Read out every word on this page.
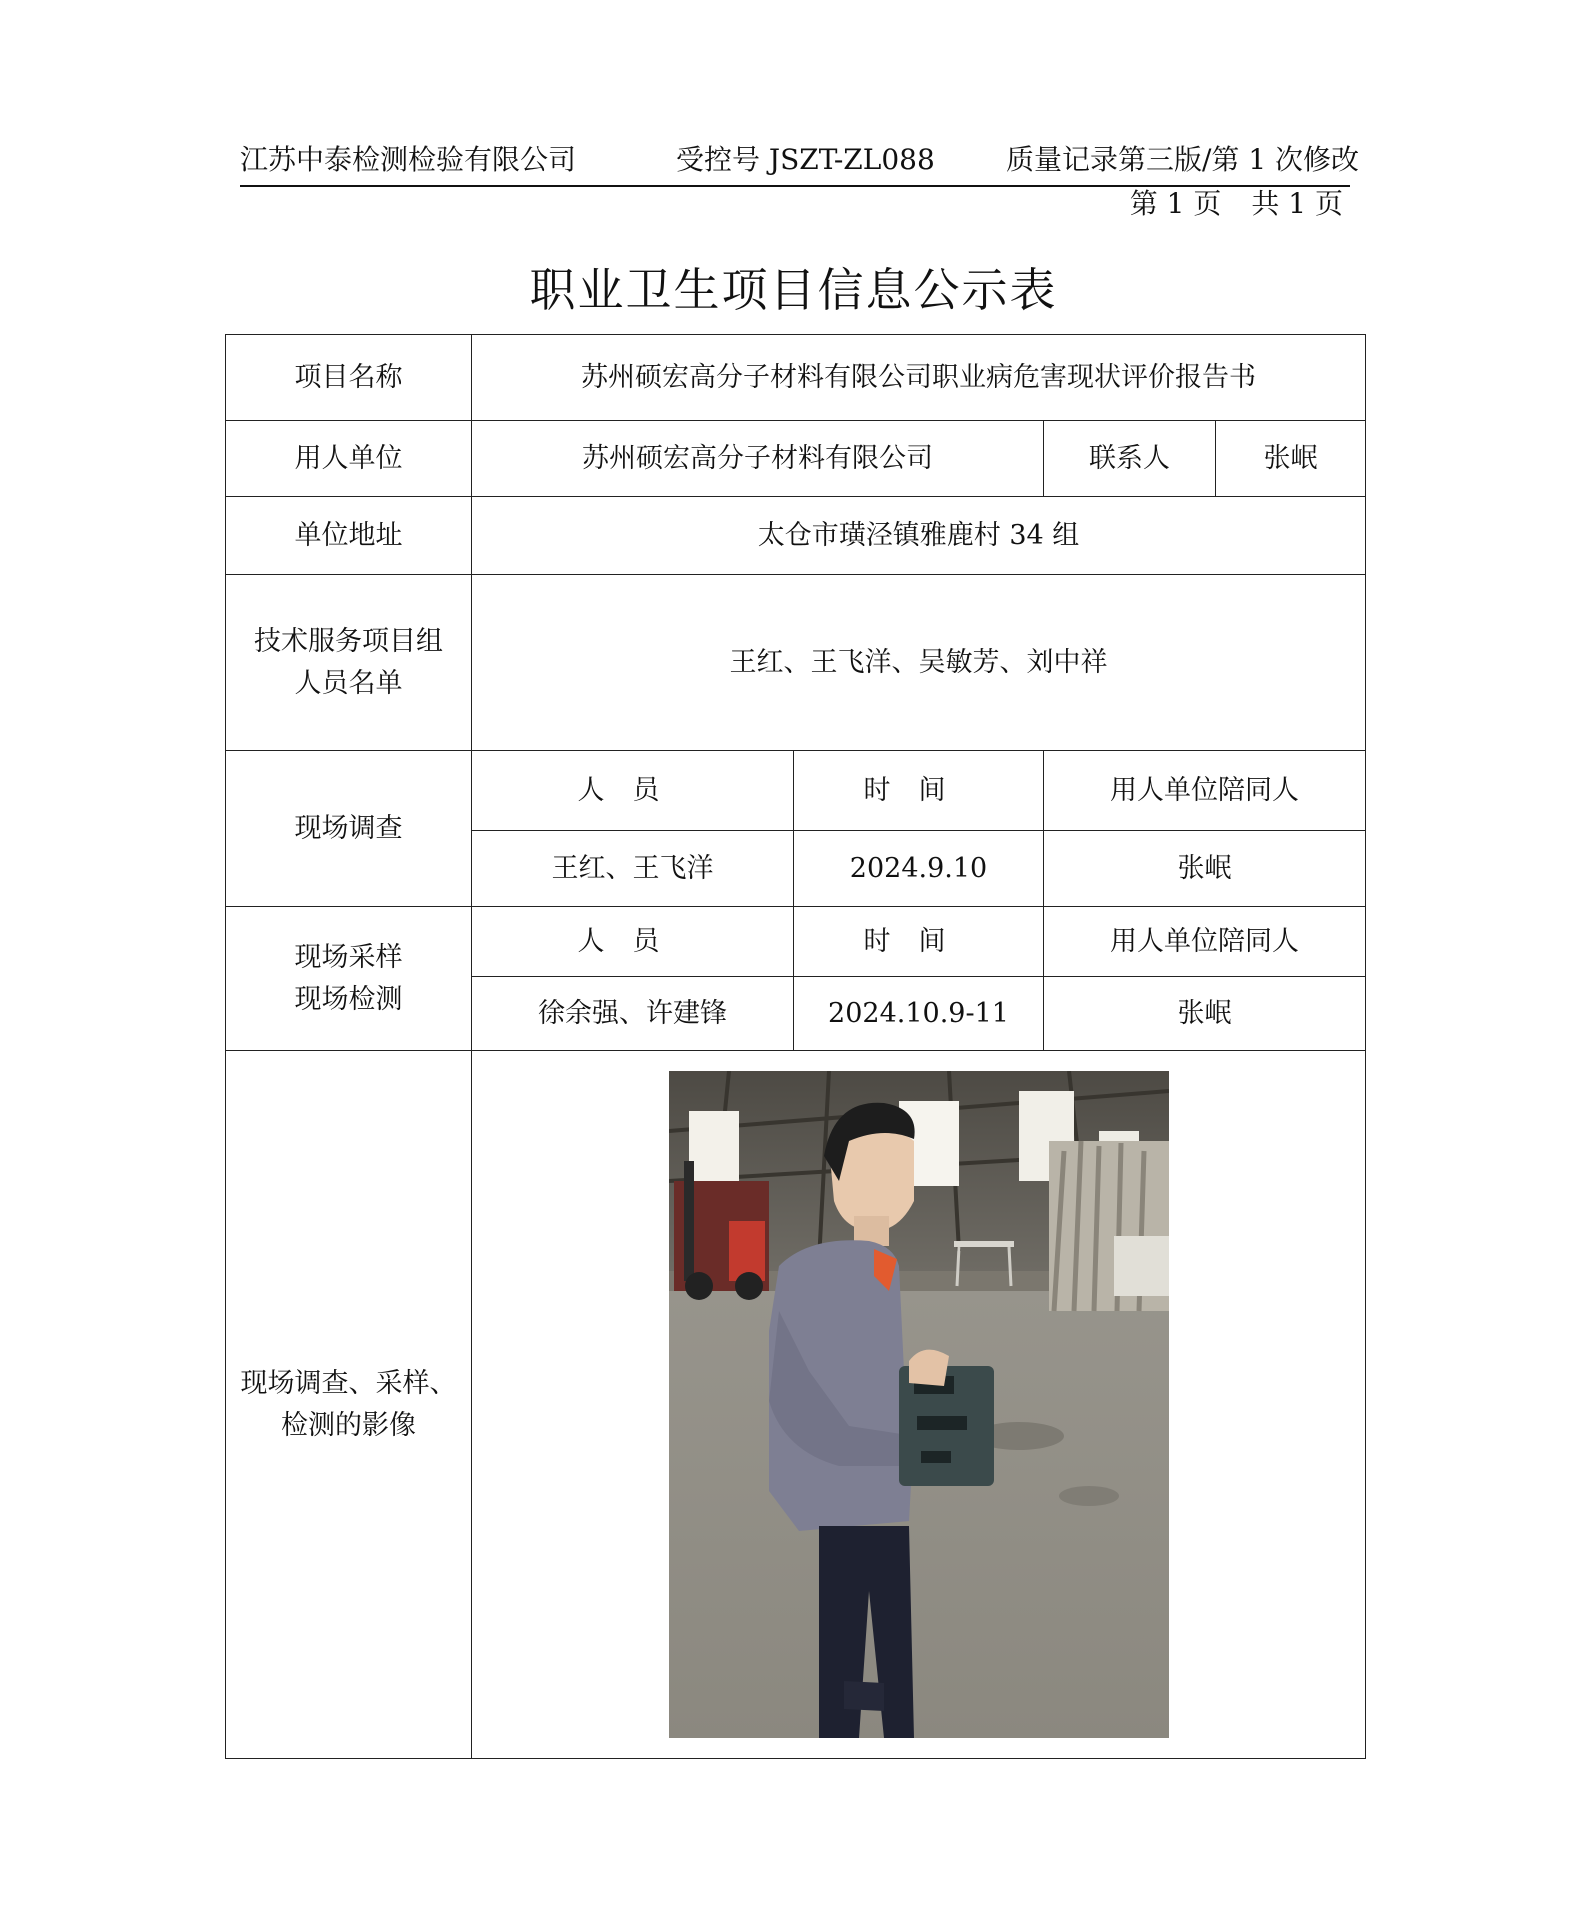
江苏中泰检测检验有限公司	受控号 JSZT-ZL088	质量记录第三版/第 1 次修改
第 1 页 共 1 页
职业卫生项目信息公示表
项目名称	苏州硕宏高分子材料有限公司职业病危害现状评价报告书			
用人单位	苏州硕宏高分子材料有限公司		联系人	张岷
单位地址	太仓市璜泾镇雅鹿村 34 组			

技术服务项目组
人员名单	王红、王飞洋、吴敏芳、刘中祥			
现场调查	人员	时间	用人单位陪同人	
	王红、王飞洋	2024.9.10	张岷	

现场采样
现场检测	人员	时间	用人单位陪同人	
	徐余强、许建锋	2024.10.9-11	张岷	

现场调查、采样、
检测的影像
